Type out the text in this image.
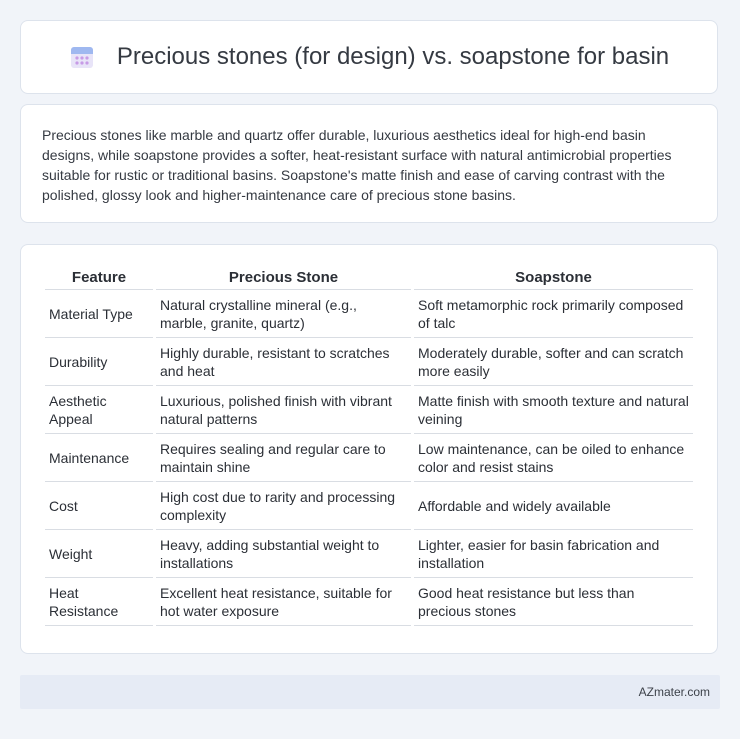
Precious stones (for design) vs. soapstone for basin

Precious stones like marble and quartz offer durable, luxurious aesthetics ideal for high-end basin designs, while soapstone provides a softer, heat-resistant surface with natural antimicrobial properties suitable for rustic or traditional basins. Soapstone's matte finish and ease of carving contrast with the polished, glossy look and higher-maintenance care of precious stone basins.

Feature	Precious Stone	Soapstone
Material Type	Natural crystalline mineral (e.g., marble, granite, quartz)	Soft metamorphic rock primarily composed of talc
Durability	Highly durable, resistant to scratches and heat	Moderately durable, softer and can scratch more easily
Aesthetic Appeal	Luxurious, polished finish with vibrant natural patterns	Matte finish with smooth texture and natural veining
Maintenance	Requires sealing and regular care to maintain shine	Low maintenance, can be oiled to enhance color and resist stains
Cost	High cost due to rarity and processing complexity	Affordable and widely available
Weight	Heavy, adding substantial weight to installations	Lighter, easier for basin fabrication and installation
Heat Resistance	Excellent heat resistance, suitable for hot water exposure	Good heat resistance but less than precious stones
AZmater.com
